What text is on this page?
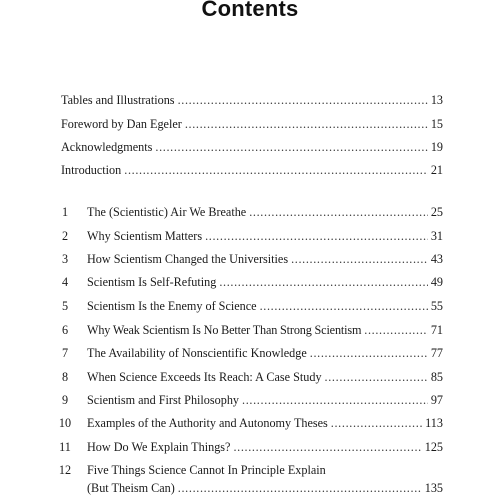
Contents
Tables and Illustrations . . .	13
Foreword by Dan Egeler . . .	15
Acknowledgments . . .	19
Introduction . . .	21
1	The (Scientistic) Air We Breathe . . .	25
2	Why Scientism Matters . . .	31
3	How Scientism Changed the Universities . . .	43
4	Scientism Is Self-Refuting . . .	49
5	Scientism Is the Enemy of Science . . .	55
6	Why Weak Scientism Is No Better Than Strong Scientism . . .	71
7	The Availability of Nonscientific Knowledge . . .	77
8	When Science Exceeds Its Reach: A Case Study . . .	85
9	Scientism and First Philosophy . . .	97
10 Examples of the Authority and Autonomy Theses . . .	113
11 How Do We Explain Things? . . .	125
12 Five Things Science Cannot In Principle Explain
(But Theism Can) . . .	135
